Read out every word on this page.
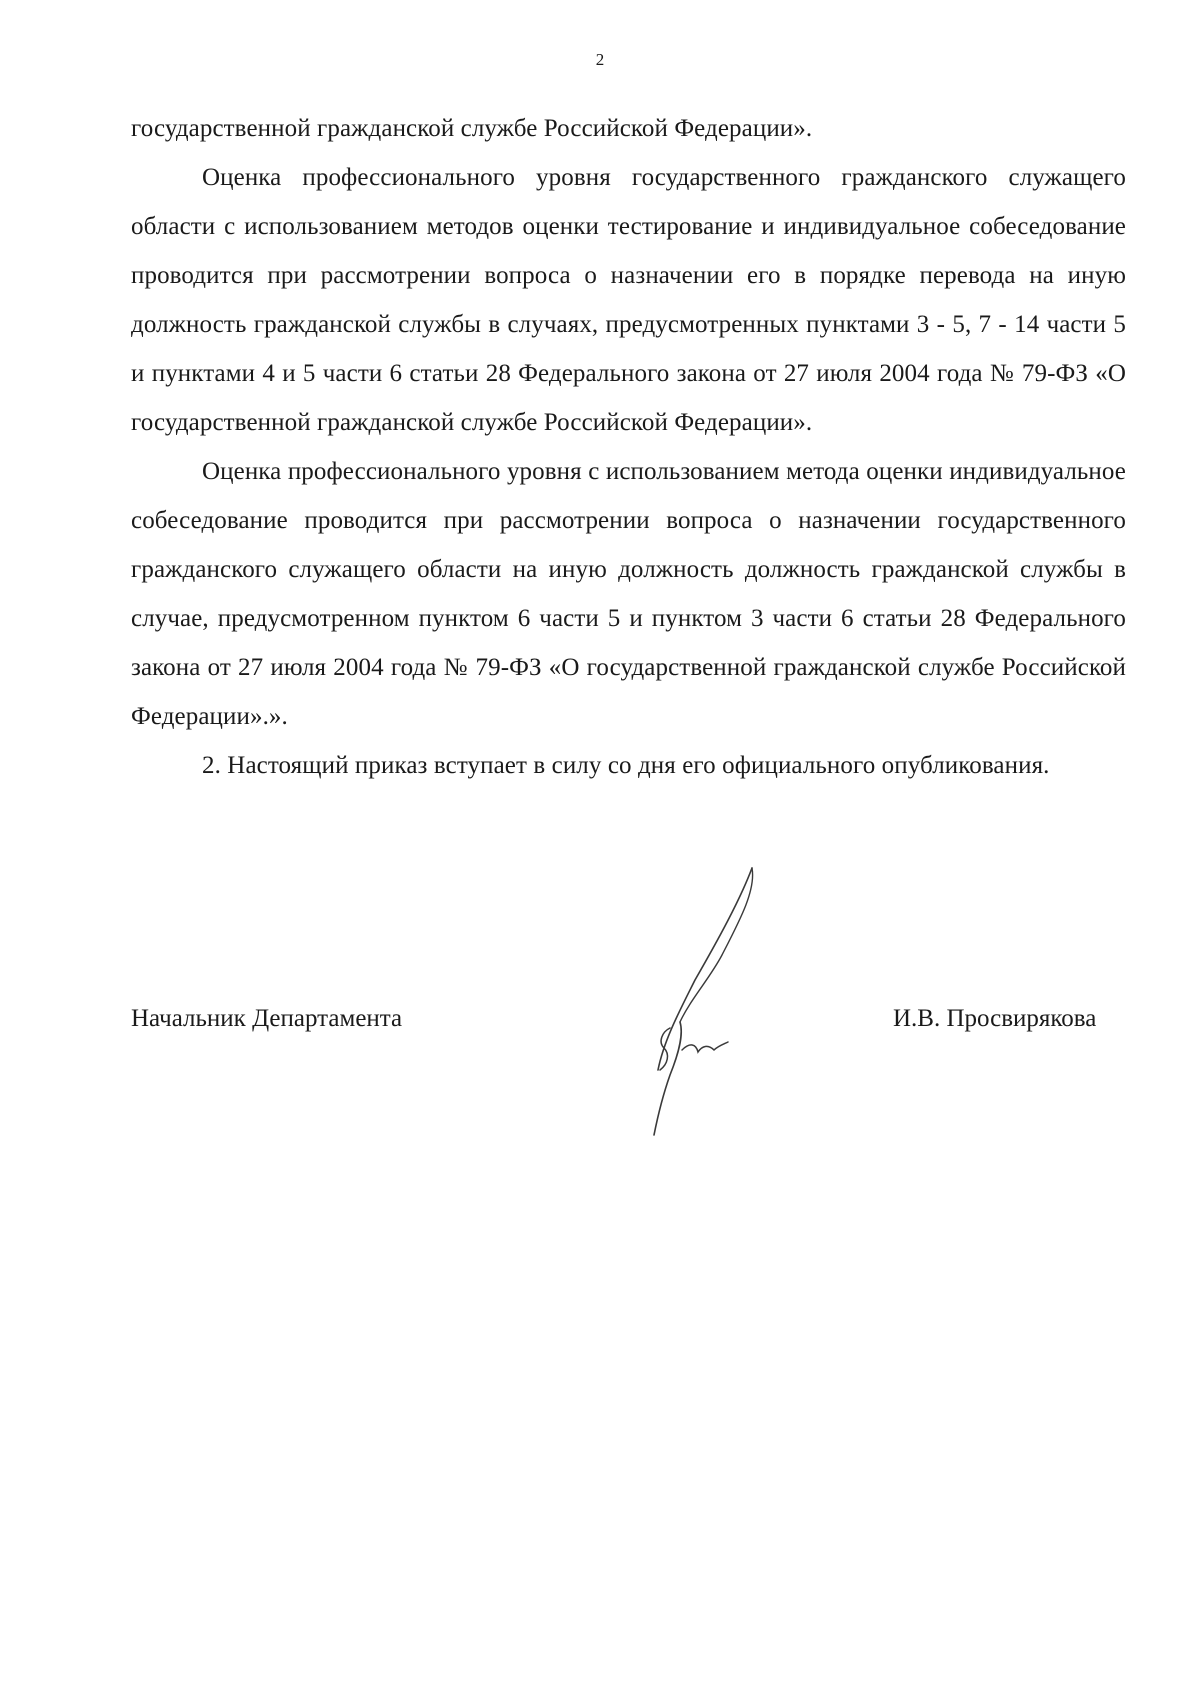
2

государственной гражданской службе Российской Федерации».

Оценка профессионального уровня государственного гражданского служащего области с использованием методов оценки тестирование и индивидуальное собеседование проводится при рассмотрении вопроса о назначении его в порядке перевода на иную должность гражданской службы в случаях, предусмотренных пунктами 3 - 5, 7 - 14 части 5 и пунктами 4 и 5 части 6 статьи 28 Федерального закона от 27 июля 2004 года № 79-ФЗ «О государственной гражданской службе Российской Федерации».

Оценка профессионального уровня с использованием метода оценки индивидуальное собеседование проводится при рассмотрении вопроса о назначении государственного гражданского служащего области на иную должность должность гражданской службы в случае, предусмотренном пунктом 6 части 5 и пунктом 3 части 6 статьи 28 Федерального закона от 27 июля 2004 года № 79-ФЗ «О государственной гражданской службе Российской Федерации».».

2. Настоящий приказ вступает в силу со дня его официального опубликования.

Начальник Департамента	И.В. Просвирякова
